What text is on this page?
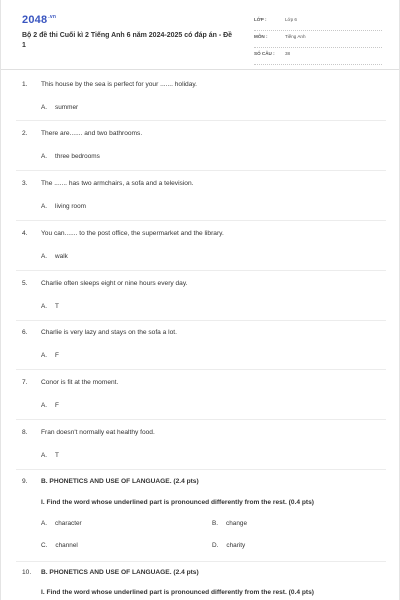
$2048^{.vn}$
Bộ 2 đề thi Cuối kì 2 Tiếng Anh 6 năm 2024-2025 có đáp án - Đề 1
LỚP :	Lớp 6
MÔN :	Tiếng Anh
SỐ CÂU : 38
1.	This house by the sea is perfect for your ....... holiday.
A. summer
2.	There are....... and two bathrooms.
A. three bedrooms
3.	The ....... has two armchairs, a sofa and a television.
A. living room
4.	You can....... to the post office, the supermarket and the library.
A. walk
5.	Charlie often sleeps eight or nine hours every day.
A. T
6.	Charlie is very lazy and stays on the sofa a lot.
A. F
7.	Conor is fit at the moment.
A. F
8.	Fran doesn't normally eat healthy food.
A. T
9.	B. PHONETICS AND USE OF LANGUAGE. (2.4 pts)
I. Find the word whose underlined part is pronounced differently from the rest. (0.4 pts)
A. character	B. change
C. channel	D. charity
10.	B. PHONETICS AND USE OF LANGUAGE. (2.4 pts)
I. Find the word whose underlined part is pronounced differently from the rest. (0.4 pts)
